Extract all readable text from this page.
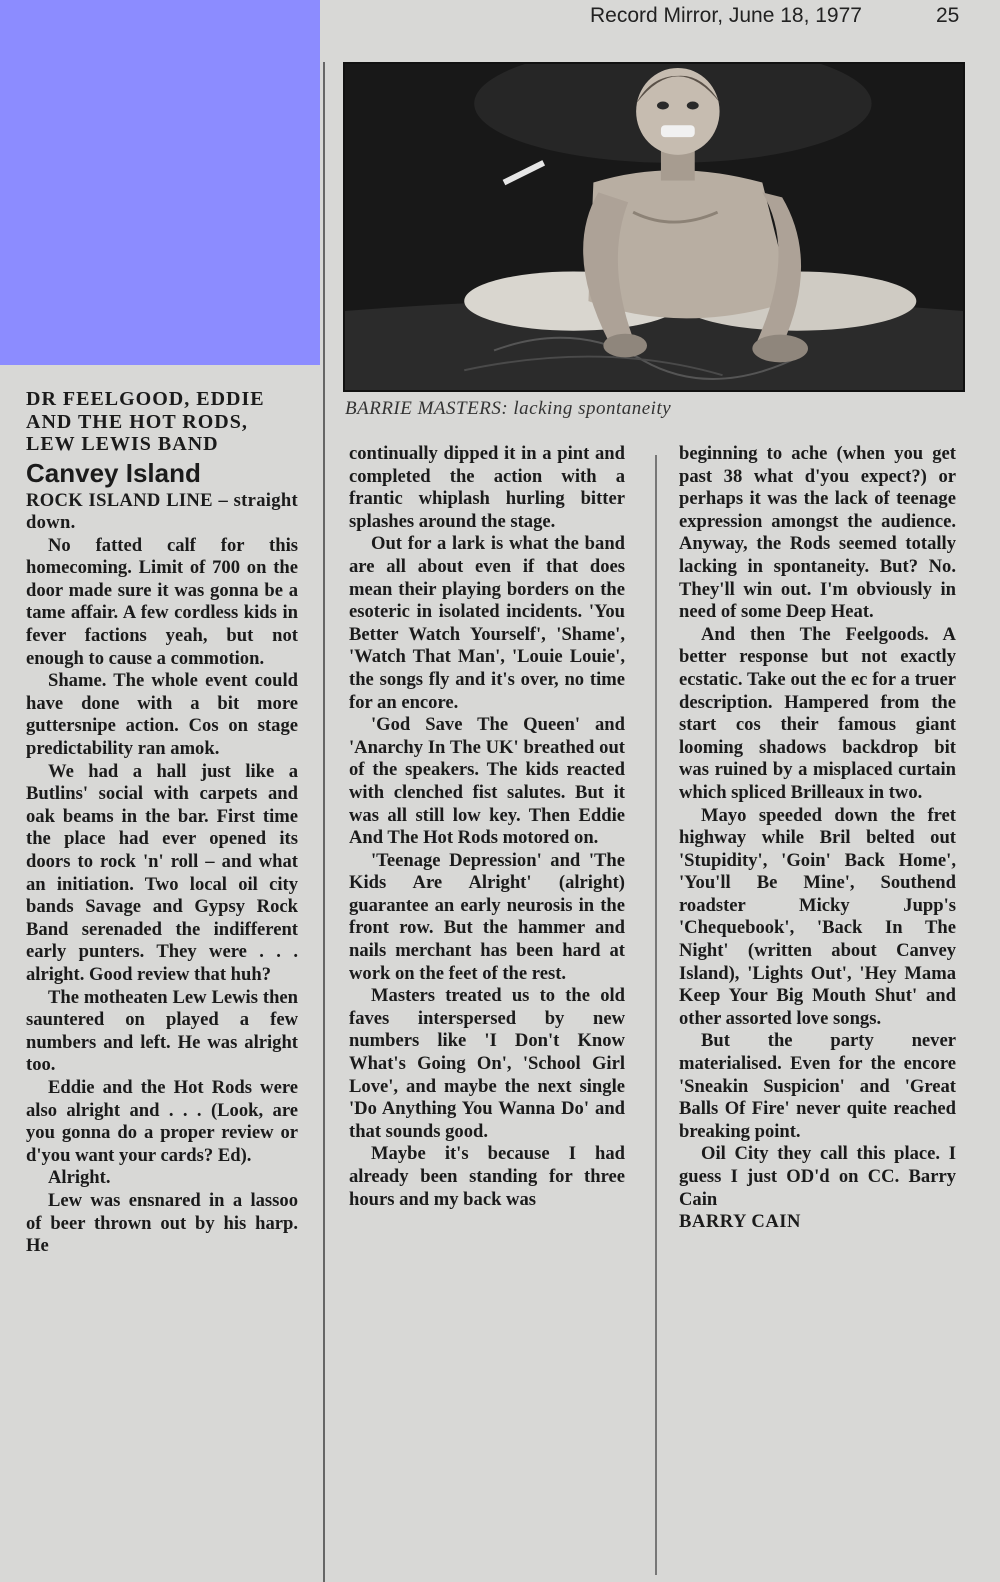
Record Mirror, June 18, 1977	25
BARRIE MASTERS: lacking spontaneity
DR FEELGOOD, EDDIE AND THE HOT RODS, LEW LEWIS BAND
Canvey Island

ROCK ISLAND LINE – straight down.

No fatted calf for this homecoming. Limit of 700 on the door made sure it was gonna be a tame affair. A few cordless kids in fever factions yeah, but not enough to cause a commotion.

Shame. The whole event could have done with a bit more guttersnipe action. Cos on stage predictability ran amok.

We had a hall just like a Butlins' social with carpets and oak beams in the bar. First time the place had ever opened its doors to rock 'n' roll – and what an initiation. Two local oil city bands Savage and Gypsy Rock Band serenaded the indifferent early punters. They were . . . alright. Good review that huh?

The motheaten Lew Lewis then sauntered on played a few numbers and left. He was alright too.

Eddie and the Hot Rods were also alright and . . . (Look, are you gonna do a proper review or d'you want your cards? Ed).

Alright.

Lew was ensnared in a lassoo of beer thrown out by his harp. He

continually dipped it in a pint and completed the action with a frantic whiplash hurling bitter splashes around the stage.

Out for a lark is what the band are all about even if that does mean their playing borders on the esoteric in isolated incidents. 'You Better Watch Yourself', 'Shame', 'Watch That Man', 'Louie Louie', the songs fly and it's over, no time for an encore.

'God Save The Queen' and 'Anarchy In The UK' breathed out of the speakers. The kids reacted with clenched fist salutes. But it was all still low key. Then Eddie And The Hot Rods motored on.

'Teenage Depression' and 'The Kids Are Alright' (alright) guarantee an early neurosis in the front row. But the hammer and nails merchant has been hard at work on the feet of the rest.

Masters treated us to the old faves interspersed by new numbers like 'I Don't Know What's Going On', 'School Girl Love', and maybe the next single 'Do Anything You Wanna Do' and that sounds good.

Maybe it's because I had already been standing for three hours and my back was

beginning to ache (when you get past 38 what d'you expect?) or perhaps it was the lack of teenage expression amongst the audience. Anyway, the Rods seemed totally lacking in spontaneity. But? No. They'll win out. I'm obviously in need of some Deep Heat.

And then The Feelgoods. A better response but not exactly ecstatic. Take out the ec for a truer description. Hampered from the start cos their famous giant looming shadows backdrop bit was ruined by a misplaced curtain which spliced Brilleaux in two.

Mayo speeded down the fret highway while Bril belted out 'Stupidity', 'Goin' Back Home', 'You'll Be Mine', Southend roadster Micky Jupp's 'Chequebook', 'Back In The Night' (written about Canvey Island), 'Lights Out', 'Hey Mama Keep Your Big Mouth Shut' and other assorted love songs.

But the party never materialised. Even for the encore 'Sneakin Suspicion' and 'Great Balls Of Fire' never quite reached breaking point.

Oil City they call this place. I guess I just OD'd on CC. Barry Cain

BARRY CAIN
